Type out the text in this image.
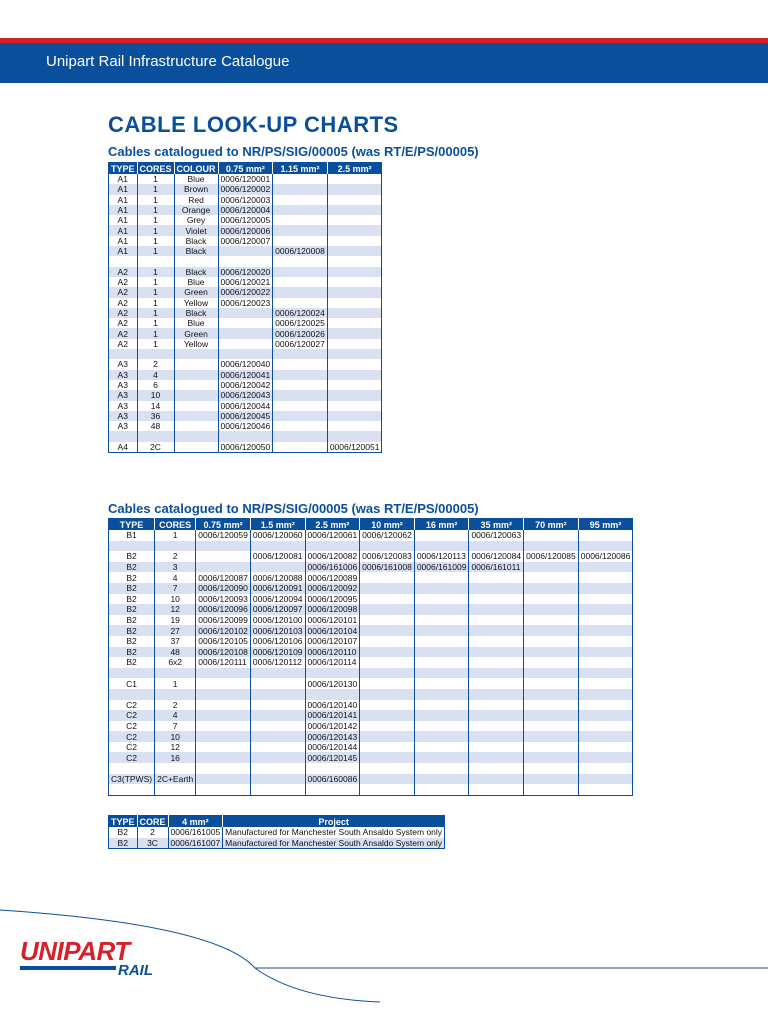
Unipart Rail Infrastructure Catalogue
CABLE LOOK-UP CHARTS
Cables catalogued to NR/PS/SIG/00005 (was RT/E/PS/00005)
TYPE	CORES	COLOUR	0.75 mm²	1.15 mm²	2.5 mm²
A1	1	Blue	0006/120001		
A1	1	Brown	0006/120002		
A1	1	Red	0006/120003		
A1	1	Orange	0006/120004		
A1	1	Grey	0006/120005		
A1	1	Violet	0006/120006		
A1	1	Black	0006/120007		
A1	1	Black		0006/120008	

A2	1	Black	0006/120020		
A2	1	Blue	0006/120021		
A2	1	Green	0006/120022		
A2	1	Yellow	0006/120023		
A2	1	Black		0006/120024	
A2	1	Blue		0006/120025	
A2	1	Green		0006/120026	
A2	1	Yellow		0006/120027	

A3	2		0006/120040		
A3	4		0006/120041		
A3	6		0006/120042		
A3	10		0006/120043		
A3	14		0006/120044		
A3	36		0006/120045		
A3	48		0006/120046		

A4	2C		0006/120050		0006/120051
Cables catalogued to NR/PS/SIG/00005 (was RT/E/PS/00005)
TYPE	CORES	0.75 mm²	1.5 mm²	2.5 mm²	10 mm²	16 mm²	35 mm²	70 mm²	95 mm²
B1	1	0006/120059	0006/120060	0006/120061	0006/120062		0006/120063		

B2	2		0006/120081	0006/120082	0006/120083	0006/120113	0006/120084	0006/120085	0006/120086
B2	3			0006/161006	0006/161008	0006/161009	0006/161011		
B2	4	0006/120087	0006/120088	0006/120089					
B2	7	0006/120090	0006/120091	0006/120092					
B2	10	0006/120093	0006/120094	0006/120095					
B2	12	0006/120096	0006/120097	0006/120098					
B2	19	0006/120099	0006/120100	0006/120101					
B2	27	0006/120102	0006/120103	0006/120104					
B2	37	0006/120105	0006/120106	0006/120107					
B2	48	0006/120108	0006/120109	0006/120110					
B2	6x2	0006/120111	0006/120112	0006/120114					

C1	1			0006/120130					

C2	2			0006/120140					
C2	4			0006/120141					
C2	7			0006/120142					
C2	10			0006/120143					
C2	12			0006/120144					
C2	16			0006/120145					

C3(TPWS)	2C+Earth			0006/160086					

TYPE	CORE	4 mm²	Project
B2	2	0006/161005	Manufactured for Manchester South Ansaldo System only
B2	3C	0006/161007	Manufactured for Manchester South Ansaldo System only
UNIPART
RAIL
